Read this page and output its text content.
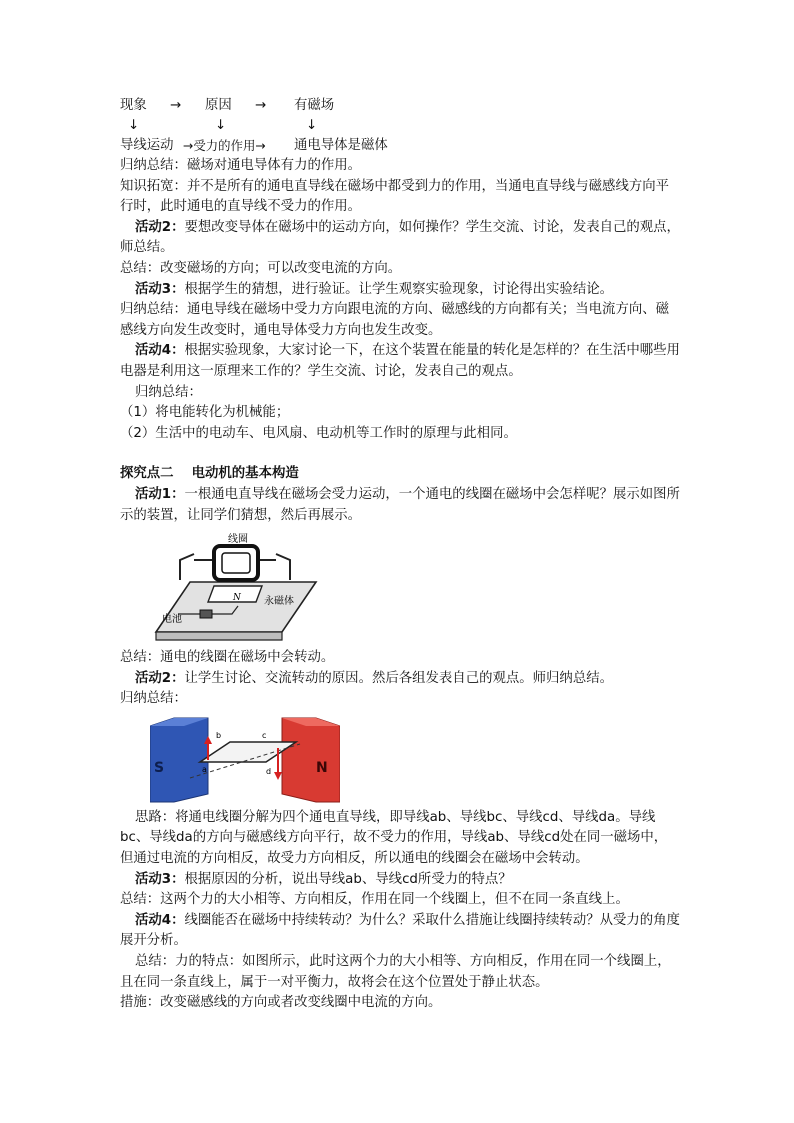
现象 → 原因 → 有磁场
↓	↓	↓
导线运动 →受力的作用→ 通电导体是磁体

归纳总结：磁场对通电导体有力的作用。

知识拓宽：并不是所有的通电直导线在磁场中都受到力的作用，当通电直导线与磁感线方向平行时，此时通电的直导线不受力的作用。

活动2：要想改变导体在磁场中的运动方向，如何操作？学生交流、讨论，发表自己的观点，师总结。

总结：改变磁场的方向；可以改变电流的方向。

活动3：根据学生的猜想，进行验证。让学生观察实验现象，讨论得出实验结论。

归纳总结：通电导线在磁场中受力方向跟电流的方向、磁感线的方向都有关；当电流方向、磁感线方向发生改变时，通电导体受力方向也发生改变。

活动4：根据实验现象，大家讨论一下，在这个装置在能量的转化是怎样的？在生活中哪些用电器是利用这一原理来工作的？学生交流、讨论，发表自己的观点。

归纳总结：

（1）将电能转化为机械能；

（2）生活中的电动车、电风扇、电动机等工作时的原理与此相同。

探究点二　 电动机的基本构造

活动1：一根通电直导线在磁场会受力运动，一个通电的线圈在磁场中会怎样呢？展示如图所示的装置，让同学们猜想，然后再展示。

N
线圈
永磁体
电池

总结：通电的线圈在磁场中会转动。

活动2：让学生讨论、交流转动的原因。然后各组发表自己的观点。师归纳总结。

归纳总结：

S	N
a
b	c
d

思路：将通电线圈分解为四个通电直导线，即导线ab、导线bc、导线cd、导线da。导线bc、导线da的方向与磁感线方向平行，故不受力的作用，导线ab、导线cd处在同一磁场中，但通过电流的方向相反，故受力方向相反，所以通电的线圈会在磁场中会转动。

活动3：根据原因的分析，说出导线ab、导线cd所受力的特点？

总结：这两个力的大小相等、方向相反，作用在同一个线圈上，但不在同一条直线上。

活动4：线圈能否在磁场中持续转动？为什么？采取什么措施让线圈持续转动？从受力的角度展开分析。

总结：力的特点：如图所示，此时这两个力的大小相等、方向相反，作用在同一个线圈上，且在同一条直线上，属于一对平衡力，故将会在这个位置处于静止状态。

措施：改变磁感线的方向或者改变线圈中电流的方向。
